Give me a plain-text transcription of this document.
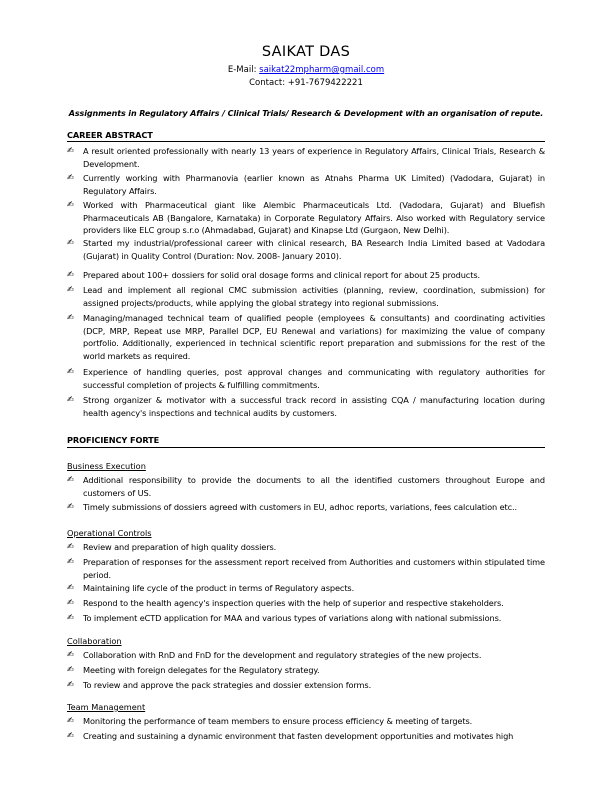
SAIKAT DAS
E-Mail: saikat22mpharm@gmail.com
Contact: +91-7679422221
Assignments in Regulatory Affairs / Clinical Trials/ Research & Development with an organisation of repute.
CAREER ABSTRACT
✍	A result oriented professionally with nearly 13 years of experience in Regulatory Affairs, Clinical Trials, Research & Development.
✍	Currently working with Pharmanovia (earlier known as Atnahs Pharma UK Limited) (Vadodara, Gujarat) in Regulatory Affairs.
✍	Worked with Pharmaceutical giant like Alembic Pharmaceuticals Ltd. (Vadodara, Gujarat) and Bluefish Pharmaceuticals AB (Bangalore, Karnataka) in Corporate Regulatory Affairs. Also worked with Regulatory service providers like ELC group s.r.o (Ahmadabad, Gujarat) and Kinapse Ltd (Gurgaon, New Delhi).
✍	Started my industrial/professional career with clinical research, BA Research India Limited based at Vadodara (Gujarat) in Quality Control (Duration: Nov. 2008- January 2010).
✍	Prepared about 100+ dossiers for solid oral dosage forms and clinical report for about 25 products.
✍	Lead and implement all regional CMC submission activities (planning, review, coordination, submission) for assigned projects/products, while applying the global strategy into regional submissions.
✍	Managing/managed technical team of qualified people (employees & consultants) and coordinating activities (DCP, MRP, Repeat use MRP, Parallel DCP, EU Renewal and variations) for maximizing the value of company portfolio. Additionally, experienced in technical scientific report preparation and submissions for the rest of the world markets as required.
✍	Experience of handling queries, post approval changes and communicating with regulatory authorities for successful completion of projects & fulfilling commitments.
✍	Strong organizer & motivator with a successful track record in assisting CQA / manufacturing location during health agency's inspections and technical audits by customers.
PROFICIENCY FORTE
Business Execution
✍	Additional responsibility to provide the documents to all the identified customers throughout Europe and customers of US.
✍	Timely submissions of dossiers agreed with customers in EU, adhoc reports, variations, fees calculation etc..
Operational Controls
✍	Review and preparation of high quality dossiers.
✍	Preparation of responses for the assessment report received from Authorities and customers within stipulated time period.
✍	Maintaining life cycle of the product in terms of Regulatory aspects.
✍	Respond to the health agency's inspection queries with the help of superior and respective stakeholders.
✍	To implement eCTD application for MAA and various types of variations along with national submissions.
Collaboration
✍	Collaboration with RnD and FnD for the development and regulatory strategies of the new projects.
✍	Meeting with foreign delegates for the Regulatory strategy.
✍	To review and approve the pack strategies and dossier extension forms.
Team Management
✍	Monitoring the performance of team members to ensure process efficiency & meeting of targets.
✍	Creating and sustaining a dynamic environment that fasten development opportunities and motivates high
